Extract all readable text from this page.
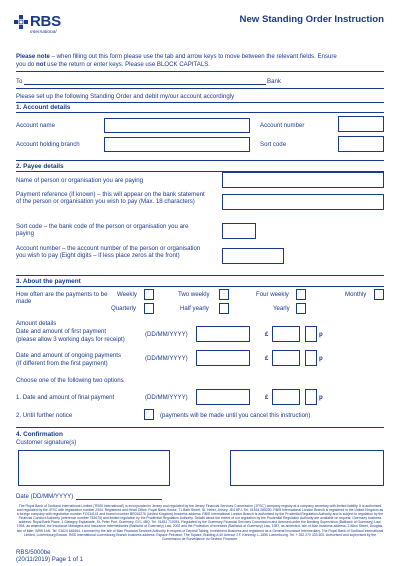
RBS
International
New Standing Order Instruction
Please note – when filling out this form please use the tab and arrow keys to move between the relevant fields. Ensure
you do not use the return or enter keys. Please use BLOCK CAPITALS.
To	Bank
Please set up the following Standing Order and debit my/our account accordingly
1. Account details
Account name	Account number
Account holding branch	Sort code
2. Payee details
Name of person or organisation you are paying
Payment reference (if known) – this will appear on the bank statement of the person or organisation you wish to pay (Max. 18 characters)
Sort code – the bank code of the person or organisation you are paying
Account number – the account number of the person or organisation you wish to pay (Eight digits – if less place zeros at the front)
3. About the payment
How often are the payments to be made
Weekly	Two weekly	Four weekly	Monthly
Quarterly	Half yearly	Yearly
Amount details
Date and amount of first payment
(please allow 3 working days for receipt)
(DD/MM/YYYY)	£	p
Date and amount of ongoing payments
(If different from the first payment)
(DD/MM/YYYY)	£	p
Choose one of the following two options
1. Date and amount of final payment	(DD/MM/YYYY)	£	p
2. Until further notice	(payments will be made until you cancel this instruction)
4. Confirmation
Customer signature(s)
Date (DD/MM/YYYY)
The Royal Bank of Scotland International Limited ('RBSI International') is incorporated in Jersey and regulated by the Jersey Financial Services Commission ('JFSC') company registry at a company secretary with limited liability. It is authorised and regulated by the JFSC with registration number 2304. Registered and Head Office: Royal Bank House, 71 Bath Street, St. Helier, Jersey, JE4 8PJ. Tel. 01534 285200. RBSI International London Branch is registered in the United Kingdom as a foreign company with registration number FC034141 and branch number BR016276 (United Kingdom) business address. RBSI International London Branch is authorised by the Prudential Regulation Authority and is subject to regulation by the Financial Conduct Authority (reference number 783670) and limited regulation by the Prudential Regulation Authority. Details about the extent of our regulation by the Prudential Regulation Authority are available on request. Guernsey business address: Royal Bank Place, 1 Glategny Esplanade, St. Peter Port, Guernsey, GY1 4BQ. Tel. 01481 710051. Regulated by the Guernsey Financial Services Commission and licensed under the Banking Supervision (Bailiwick of Guernsey) Law, 1994, as amended, the Insurance Managers and Insurance Intermediaries (Bailiwick of Guernsey) Law, 2002 and the Protection of Investors (Bailiwick of Guernsey) Law, 1987, as amended. Isle of Man business address: 2 Athol Street, Douglas, Isle of Man, IM99 1AN. Tel. 01624 646464. Licensed by the Isle of Man Financial Services Authority in respect of Deposit Taking, Investment Business and registered as a General Insurance Intermediary. The Royal Bank of Scotland International Limited, Luxembourg Branch. RBS International Luxembourg Branch business address: Espace Petrusse, The Square, Building A 40 Avenue J.F. Kennedy, L-1855 Luxembourg. Tel. + 352 270 333 600. Authorised and supervised by the Commission de Surveillance du Secteur Financier.
RBS/5000be
(20/11/2019) Page 1 of 1
